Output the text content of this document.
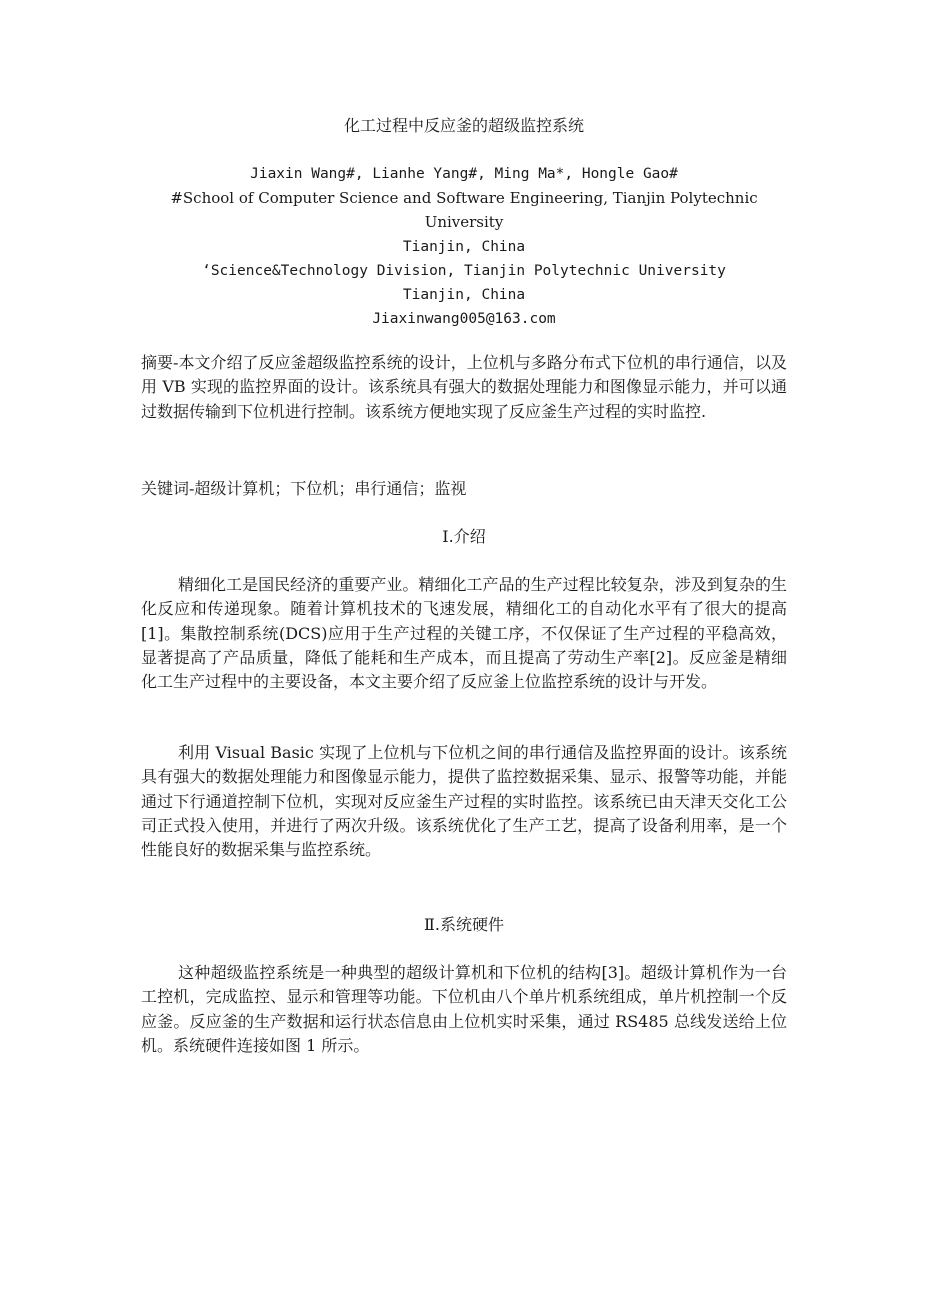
化工过程中反应釜的超级监控系统
Jiaxin Wang#, Lianhe Yang#, Ming Ma*, Hongle Gao#
#School of Computer Science and Software Engineering, Tianjin Polytechnic University
Tianjin, China
‘Science&Technology Division, Tianjin Polytechnic University
Tianjin, China
Jiaxinwang005@163.com
摘要-本文介绍了反应釜超级监控系统的设计，上位机与多路分布式下位机的串行通信，以及用 VB 实现的监控界面的设计。该系统具有强大的数据处理能力和图像显示能力，并可以通过数据传输到下位机进行控制。该系统方便地实现了反应釜生产过程的实时监控.
关键词-超级计算机；下位机；串行通信；监视
Ⅰ.介绍
精细化工是国民经济的重要产业。精细化工产品的生产过程比较复杂，涉及到复杂的生化反应和传递现象。随着计算机技术的飞速发展，精细化工的自动化水平有了很大的提高[1]。集散控制系统(DCS)应用于生产过程的关键工序，不仅保证了生产过程的平稳高效，显著提高了产品质量，降低了能耗和生产成本，而且提高了劳动生产率[2]。反应釜是精细化工生产过程中的主要设备，本文主要介绍了反应釜上位监控系统的设计与开发。
利用 Visual Basic 实现了上位机与下位机之间的串行通信及监控界面的设计。该系统具有强大的数据处理能力和图像显示能力，提供了监控数据采集、显示、报警等功能，并能通过下行通道控制下位机，实现对反应釜生产过程的实时监控。该系统已由天津天交化工公司正式投入使用，并进行了两次升级。该系统优化了生产工艺，提高了设备利用率，是一个性能良好的数据采集与监控系统。
Ⅱ.系统硬件
这种超级监控系统是一种典型的超级计算机和下位机的结构[3]。超级计算机作为一台工控机，完成监控、显示和管理等功能。下位机由八个单片机系统组成，单片机控制一个反应釜。反应釜的生产数据和运行状态信息由上位机实时采集，通过 RS485 总线发送给上位机。系统硬件连接如图 1 所示。
